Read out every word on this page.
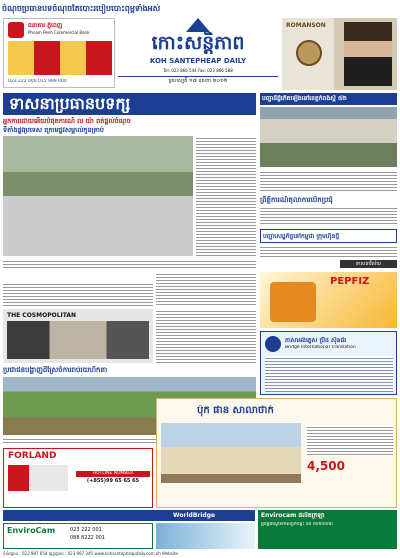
ចំណុចប្រធានបទចំណុចតែបោះរបៀបបោះពុម្ពទាំងអស់
ធនាគារ ភ្នំពេញ
Phnom Penh Commercial Bank
023 222 000 015 999 000
កោះសន្តិភាព
KOH SANTEPHEAP DAILY
Tel: 023 866 544 Fax: 023 866 588
ព្រហស្បតិ៍ ១៧ ឧសភា ២០១២
ROMANSON
ទាសនាប្រធានបទក្ស
អ្នកការដោយអើយបំផុតការណ៍ ល យ៉ា ពត់ផ្តល់ចំណុច
ទីតាំងផ្លូវប្រទេស ក្រោមផ្លូវសម្គាល់កូនគ្រាប់
បញ្ហាដីធ្លីកើតឡើងនៅខេត្តកំពង់ស្ពឺ ៥២
ព្រឹត្តិការណ៍តុលាការបើកប្រជុំ
បញ្ហាសេដ្ឋកិច្ចនៅកម្ពុជា ក្រុមហ៊ុនថ្មី
ទាសនាវិស័យ
PEPFIZ
THE COSMOPOLITAN
ភាសាអង់គ្លេស ប៊្រីដ ស៊ិនធ័រ
Bridge International Translation
ប្រជាជនបង្ហាញដីស្រែចំការរាប់រយហិកតា
FORLAND
HOTLINE NUMBER
(+855)99 65 65 65
ប៉ុក ផាន សាលាថាក់
4,500
WorldBridge
EnviroCam	023 222 001
088 8222 001
Envirocam ផលិតក្រឡា
ផ្គត់ផ្គង់ស្ងោរទឹកសម្រាប់ផ្ទះ និង ការិយាល័យ
ទំព័រផ្សាយ : 023 987 654 ផ្សព្វផ្សាយ : 023 987 345 www.kohsantepheapdaily.com.kh Website
